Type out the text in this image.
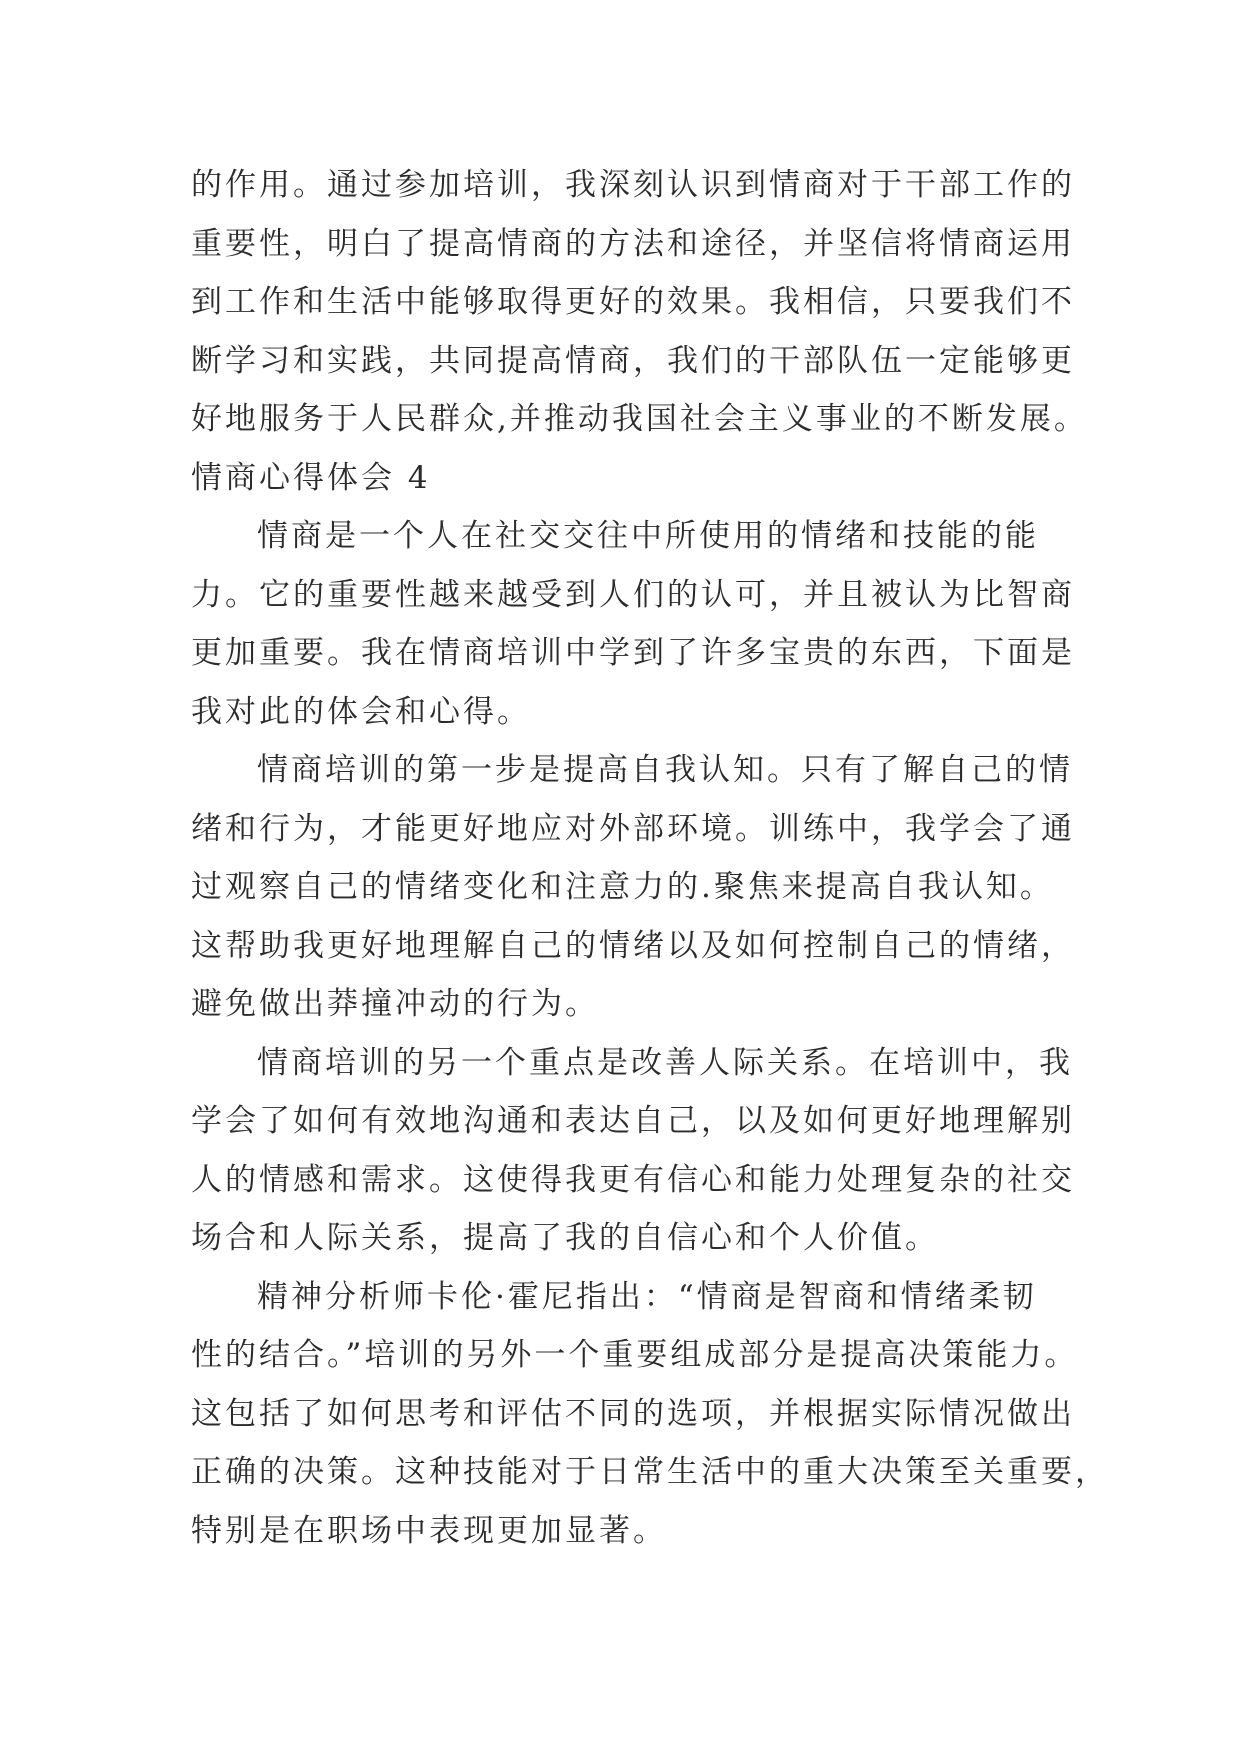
的作用。通过参加培训，我深刻认识到情商对于干部工作的
重要性，明白了提高情商的方法和途径，并坚信将情商运用
到工作和生活中能够取得更好的效果。我相信，只要我们不
断学习和实践，共同提高情商，我们的干部队伍一定能够更
好地服务于人民群众,并推动我国社会主义事业的不断发展。
情商心得体会 4
情商是一个人在社交交往中所使用的情绪和技能的能
力。它的重要性越来越受到人们的认可，并且被认为比智商
更加重要。我在情商培训中学到了许多宝贵的东西，下面是
我对此的体会和心得。
情商培训的第一步是提高自我认知。只有了解自己的情
绪和行为，才能更好地应对外部环境。训练中，我学会了通
过观察自己的情绪变化和注意力的.聚焦来提高自我认知。
这帮助我更好地理解自己的情绪以及如何控制自己的情绪，
避免做出莽撞冲动的行为。
情商培训的另一个重点是改善人际关系。在培训中，我
学会了如何有效地沟通和表达自己，以及如何更好地理解别
人的情感和需求。这使得我更有信心和能力处理复杂的社交
场合和人际关系，提高了我的自信心和个人价值。
精神分析师卡伦·霍尼指出：“情商是智商和情绪柔韧
性的结合。”培训的另外一个重要组成部分是提高决策能力。
这包括了如何思考和评估不同的选项，并根据实际情况做出
正确的决策。这种技能对于日常生活中的重大决策至关重要，
特别是在职场中表现更加显著。
